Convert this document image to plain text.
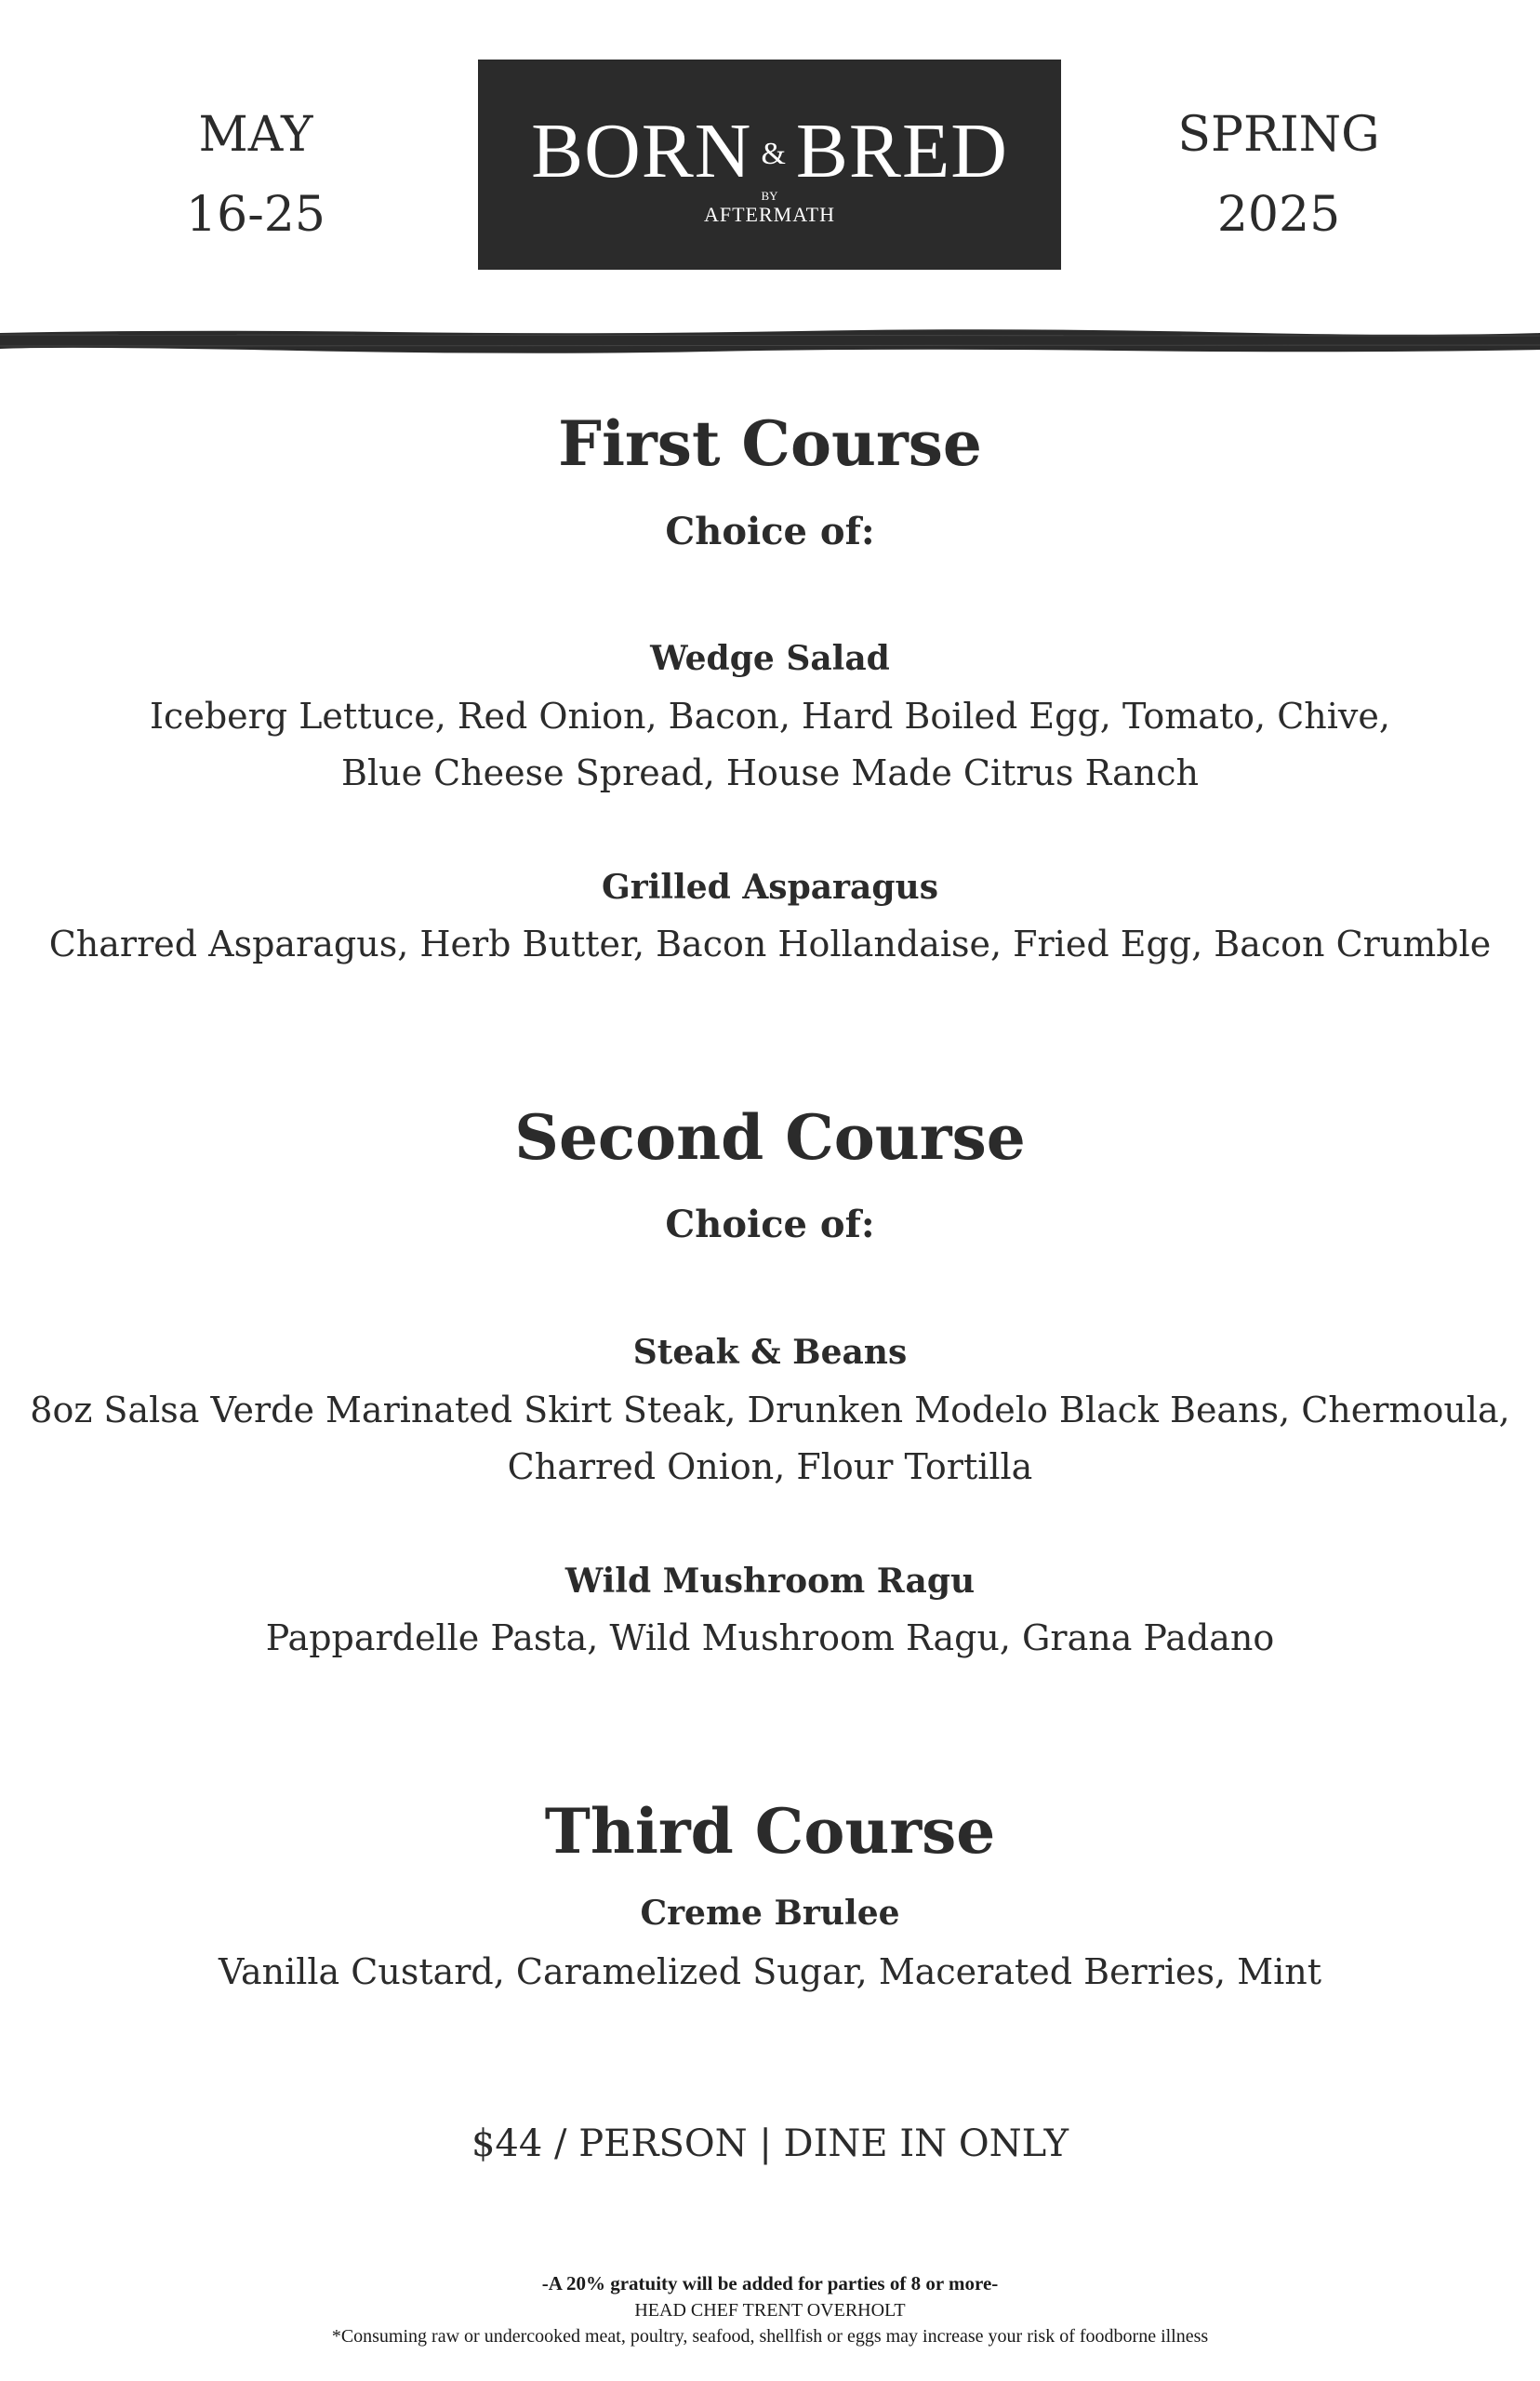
MAY
16-25
BORN & BRED
BY
AFTERMATH
SPRING
2025
First Course
Choice of:
Wedge Salad
Iceberg Lettuce, Red Onion, Bacon, Hard Boiled Egg, Tomato, Chive,
Blue Cheese Spread, House Made Citrus Ranch
Grilled Asparagus
Charred Asparagus, Herb Butter, Bacon Hollandaise, Fried Egg, Bacon Crumble
Second Course
Choice of:
Steak & Beans
8oz Salsa Verde Marinated Skirt Steak, Drunken Modelo Black Beans, Chermoula,
Charred Onion, Flour Tortilla
Wild Mushroom Ragu
Pappardelle Pasta, Wild Mushroom Ragu, Grana Padano
Third Course
Creme Brulee
Vanilla Custard, Caramelized Sugar, Macerated Berries, Mint
$44 / PERSON | DINE IN ONLY
-A 20% gratuity will be added for parties of 8 or more-
HEAD CHEF TRENT OVERHOLT
*Consuming raw or undercooked meat, poultry, seafood, shellfish or eggs may increase your risk of foodborne illness
